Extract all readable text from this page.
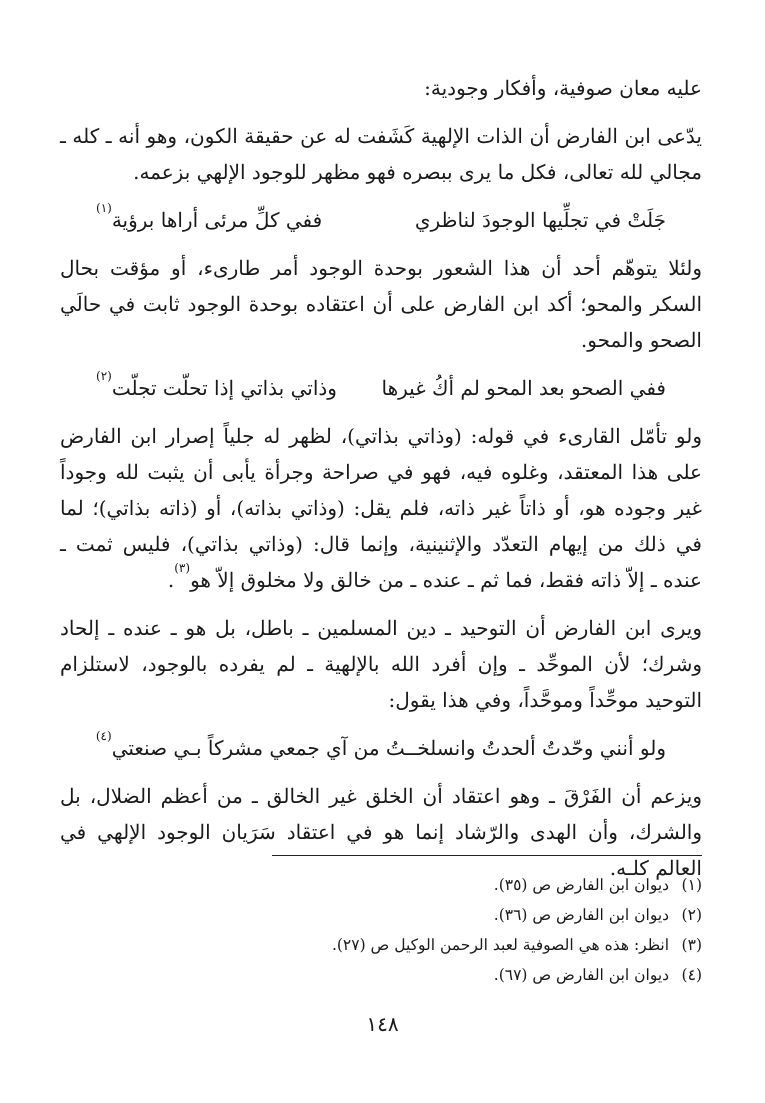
عليه معان صوفية، وأفكار وجودية:

يدّعى ابن الفارض أن الذات الإلهية كَشَفت له عن حقيقة الكون، وهو أنه ـ كله ـ مجالي لله تعالى، فكل ما يرى ببصره فهو مظهر للوجود الإلهي بزعمه.

جَلَتْ في تجلِّيها الوجودَ لناظري
ففي كلِّ مرئى أراها برؤية$^{(١)}$

ولئلا يتوهّم أحد أن هذا الشعور بوحدة الوجود أمر طارىء، أو مؤقت بحال السكر والمحو؛ أكد ابن الفارض على أن اعتقاده بوحدة الوجود ثابت في حالَي الصحو والمحو.

ففي الصحو بعد المحو لم أكُ غيرها
وذاتي بذاتي إذا تحلّت تجلّت$^{(٢)}$

ولو تأمّل القارىء في قوله: (وذاتي بذاتي)، لظهر له جلياً إصرار ابن الفارض على هذا المعتقد، وغلوه فيه، فهو في صراحة وجرأة يأبى أن يثبت لله وجوداً غير وجوده هو، أو ذاتاً غير ذاته، فلم يقل: (وذاتي بذاته)، أو (ذاته بذاتي)؛ لما في ذلك من إيهام التعدّد والإثنينية، وإنما قال: (وذاتي بذاتي)، فليس ثمت ـ عنده ـ إلاّ ذاته فقط، فما ثم ـ عنده ـ من خالق ولا مخلوق إلاّ هو$^{(٣)}$.

ويرى ابن الفارض أن التوحيد ـ دين المسلمين ـ باطل، بل هو ـ عنده ـ إلحاد وشرك؛ لأن الموحِّد ـ وإن أفرد الله بالإلهية ـ لم يفرده بالوجود، لاستلزام التوحيد موحِّداً وموحَّداً، وفي هذا يقول:

ولو أنني وحّدتُ ألحدتُ وانسلخـ
ـتُ من آي جمعي مشركاً بـي صنعتي$^{(٤)}$

ويزعم أن الفَرْقَ ـ وهو اعتقاد أن الخلق غير الخالق ـ من أعظم الضلال، بل والشرك، وأن الهدى والرّشاد إنما هو في اعتقاد سَرَيان الوجود الإلهي في العالم كلـه.

(١) ديوان ابن الفارض ص (٣٥).
(٢) ديوان ابن الفارض ص (٣٦).
(٣) انظر: هذه هي الصوفية لعبد الرحمن الوكيل ص (٢٧).
(٤) ديوان ابن الفارض ص (٦٧).
١٤٨
